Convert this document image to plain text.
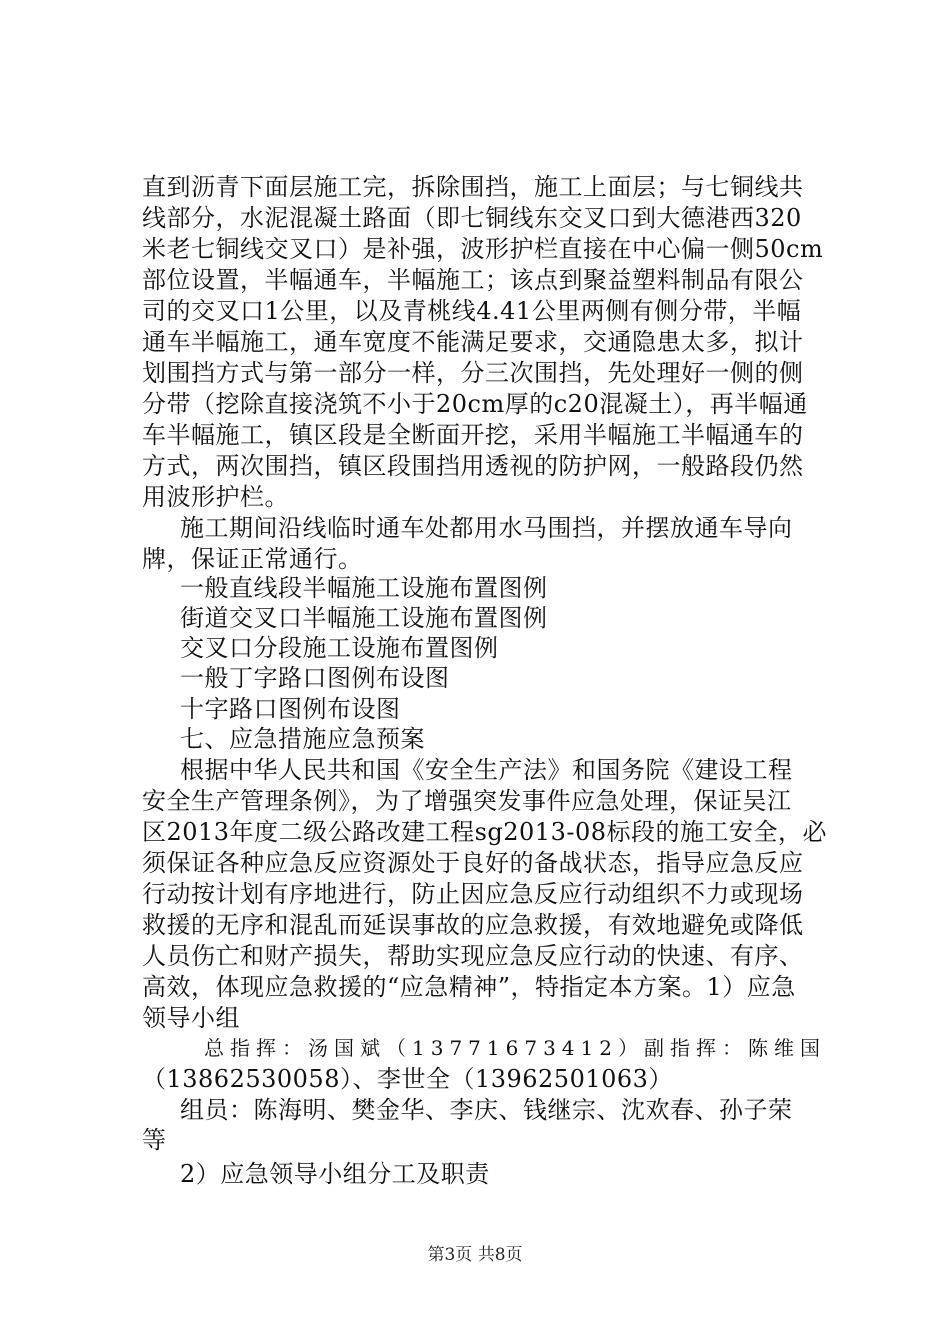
直到沥青下面层施工完，拆除围挡，施工上面层；与七铜线共
线部分，水泥混凝土路面（即七铜线东交叉口到大德港西320
米老七铜线交叉口）是补强，波形护栏直接在中心偏一侧50cm
部位设置，半幅通车，半幅施工；该点到聚益塑料制品有限公
司的交叉口1公里，以及青桃线4.41公里两侧有侧分带，半幅
通车半幅施工，通车宽度不能满足要求，交通隐患太多，拟计
划围挡方式与第一部分一样，分三次围挡，先处理好一侧的侧
分带（挖除直接浇筑不小于20cm厚的c20混凝土），再半幅通
车半幅施工，镇区段是全断面开挖，采用半幅施工半幅通车的
方式，两次围挡，镇区段围挡用透视的防护网，一般路段仍然
用波形护栏。
施工期间沿线临时通车处都用水马围挡，并摆放通车导向
牌，保证正常通行。
一般直线段半幅施工设施布置图例
街道交叉口半幅施工设施布置图例
交叉口分段施工设施布置图例
一般丁字路口图例布设图
十字路口图例布设图
七、应急措施应急预案
根据中华人民共和国《安全生产法》和国务院《建设工程
安全生产管理条例》，为了增强突发事件应急处理，保证吴江
区2013年度二级公路改建工程sg2013-08标段的施工安全，必
须保证各种应急反应资源处于良好的备战状态，指导应急反应
行动按计划有序地进行，防止因应急反应行动组织不力或现场
救援的无序和混乱而延误事故的应急救援，有效地避免或降低
人员伤亡和财产损失，帮助实现应急反应行动的快速、有序、
高效，体现应急救援的“应急精神”，特指定本方案。1）应急
领导小组
总指挥：汤国斌（13771673412）副指挥：陈维国
（13862530058）、李世全（13962501063）
组员：陈海明、樊金华、李庆、钱继宗、沈欢春、孙子荣
等
2）应急领导小组分工及职责
第3页 共8页
